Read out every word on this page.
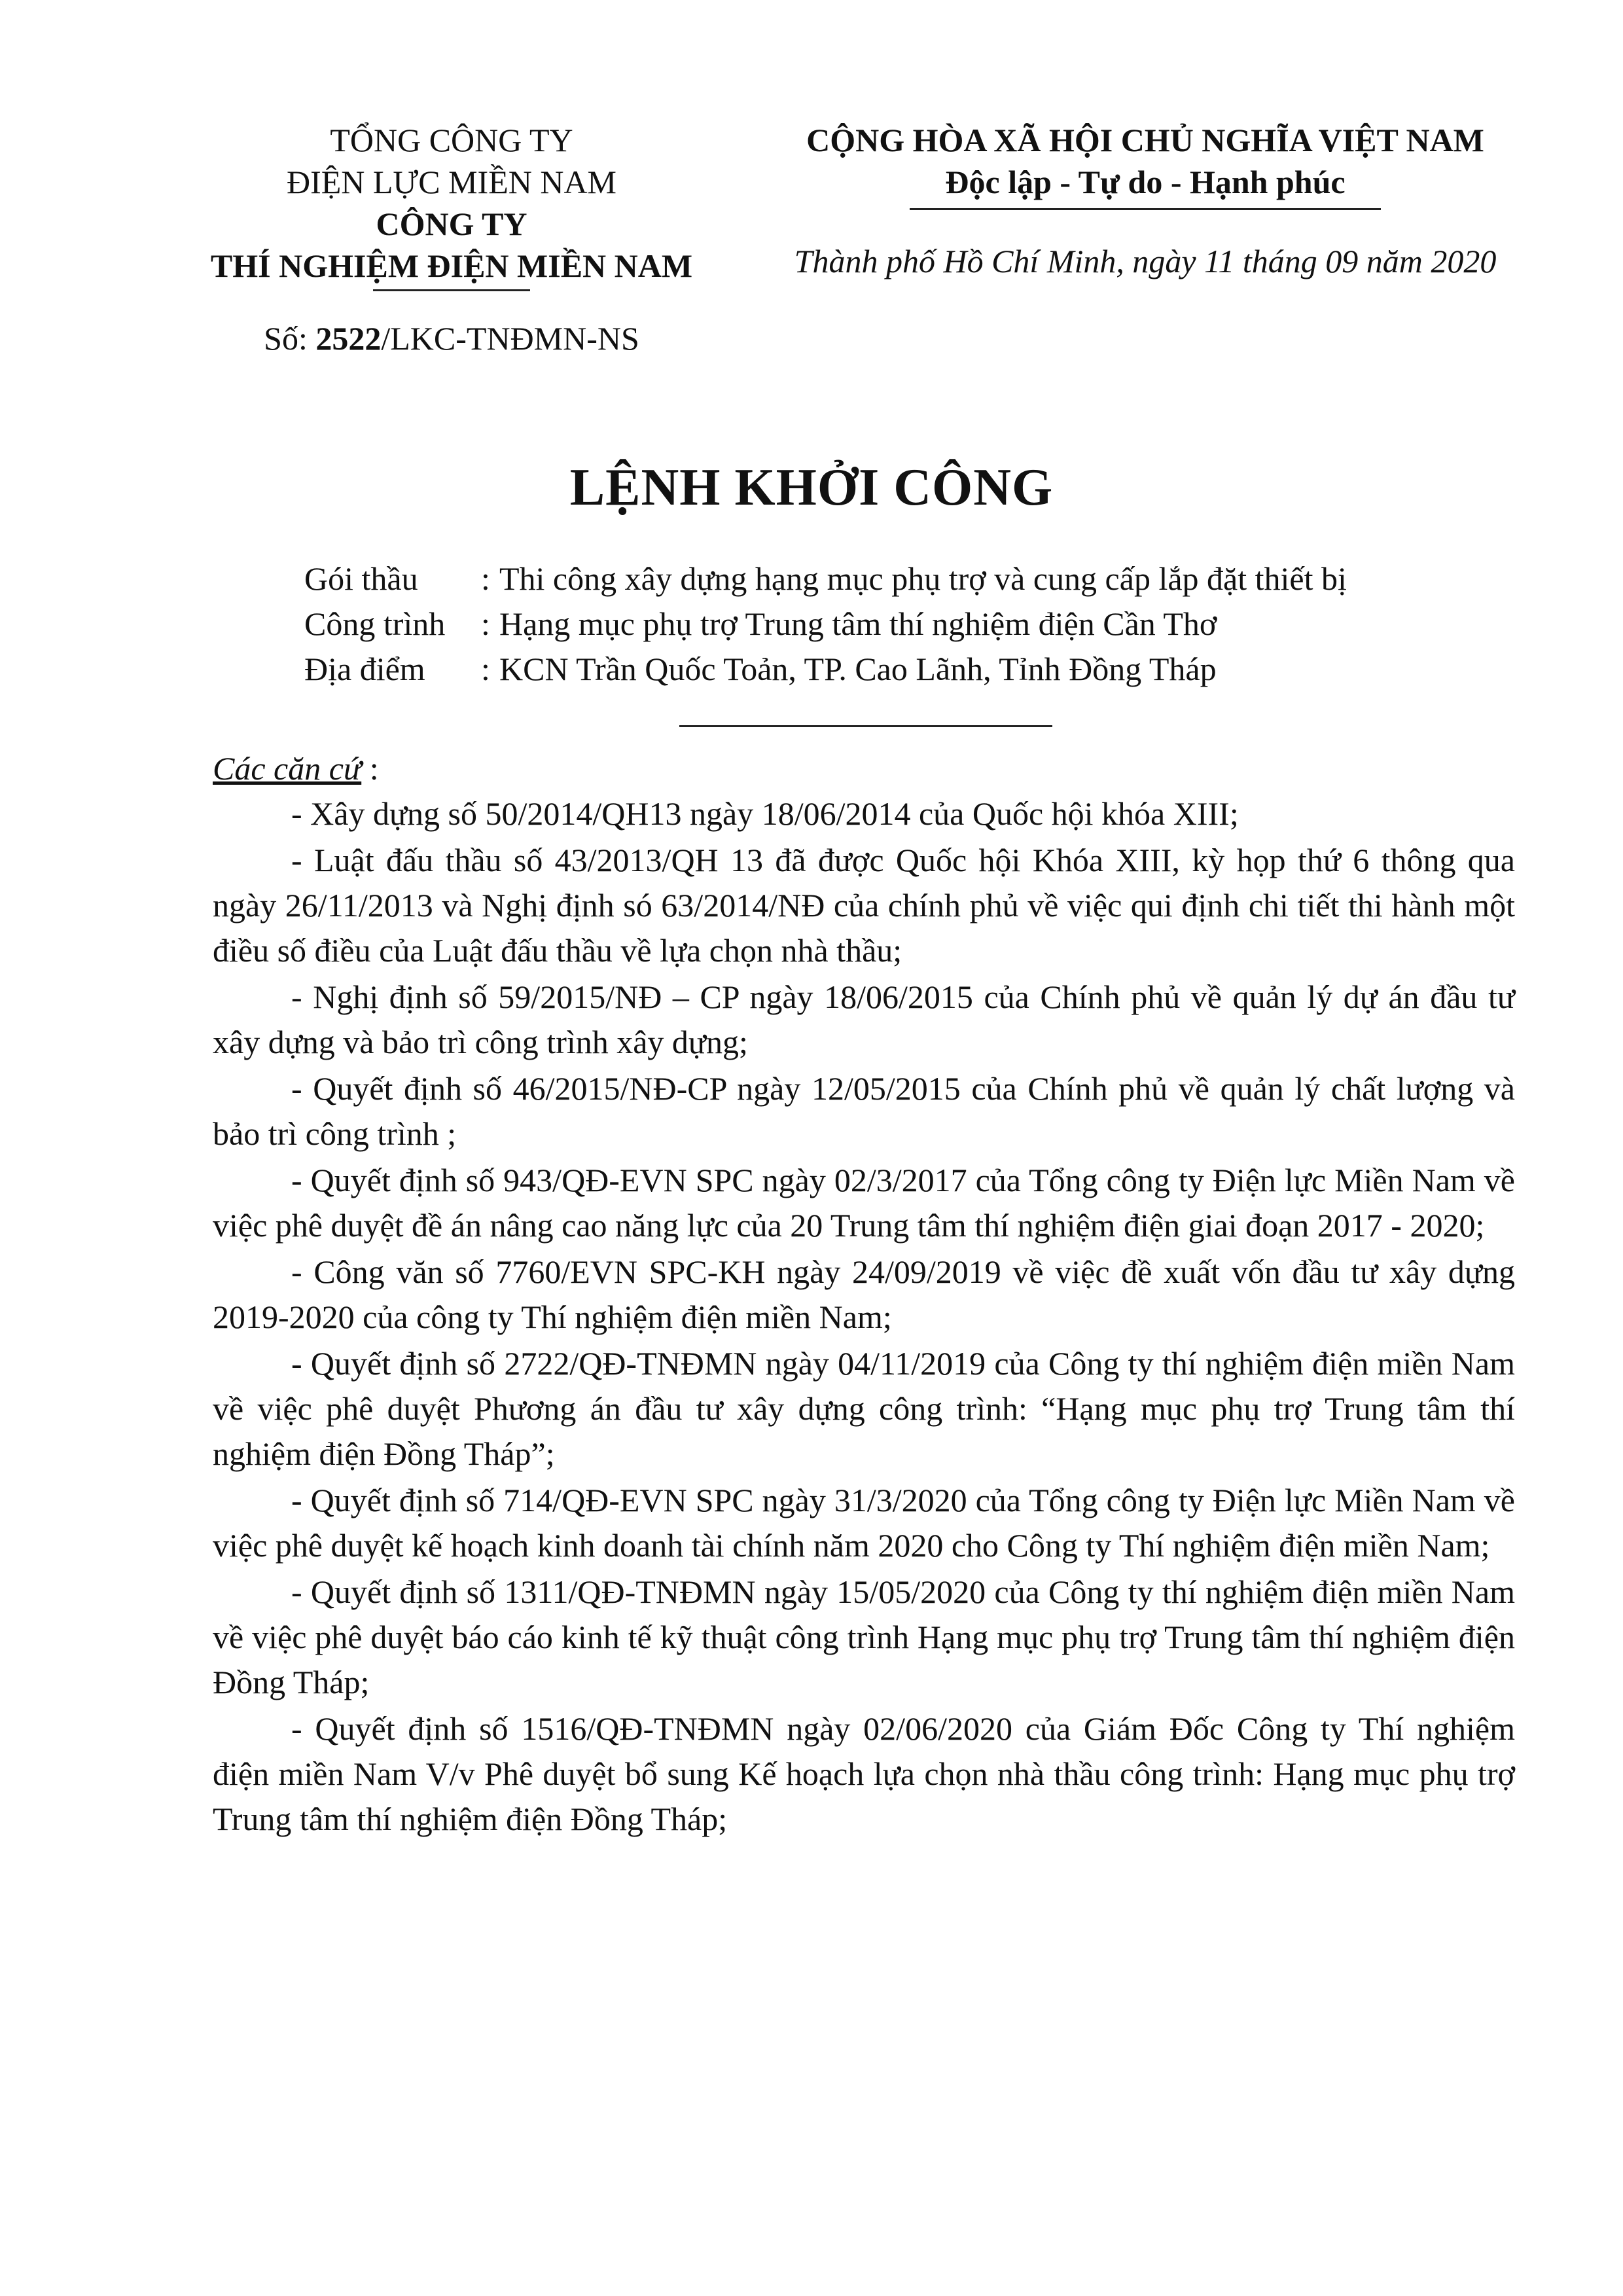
TỔNG CÔNG TY
ĐIỆN LỰC MIỀN NAM
CÔNG TY
THÍ NGHIỆM ĐIỆN MIỀN NAM
Số: 2522/LKC-TNĐMN-NS
CỘNG HÒA XÃ HỘI CHỦ NGHĨA VIỆT NAM
Độc lập - Tự do - Hạnh phúc
Thành phố Hồ Chí Minh, ngày 11 tháng 09 năm 2020
LỆNH KHỞI CÔNG
Gói thầu	: Thi công xây dựng hạng mục phụ trợ và cung cấp lắp đặt thiết bị
Công trình	: Hạng mục phụ trợ Trung tâm thí nghiệm điện Cần Thơ
Địa điểm	: KCN Trần Quốc Toản, TP. Cao Lãnh, Tỉnh Đồng Tháp
Các căn cứ :

- Xây dựng số 50/2014/QH13 ngày 18/06/2014 của Quốc hội khóa XIII;

- Luật đấu thầu số 43/2013/QH 13 đã được Quốc hội Khóa XIII, kỳ họp thứ 6 thông qua ngày 26/11/2013 và Nghị định só 63/2014/NĐ của chính phủ về việc qui định chi tiết thi hành một điều số điều của Luật đấu thầu về lựa chọn nhà thầu;

- Nghị định số 59/2015/NĐ – CP ngày 18/06/2015 của Chính phủ về quản lý dự án đầu tư xây dựng và bảo trì công trình xây dựng;

- Quyết định số 46/2015/NĐ-CP ngày 12/05/2015 của Chính phủ về quản lý chất lượng và bảo trì công trình ;

- Quyết định số 943/QĐ-EVN SPC ngày 02/3/2017 của Tổng công ty Điện lực Miền Nam về việc phê duyệt đề án nâng cao năng lực của 20 Trung tâm thí nghiệm điện giai đoạn 2017 - 2020;

- Công văn số 7760/EVN SPC-KH ngày 24/09/2019 về việc đề xuất vốn đầu tư xây dựng 2019-2020 của công ty Thí nghiệm điện miền Nam;

- Quyết định số 2722/QĐ-TNĐMN ngày 04/11/2019 của Công ty thí nghiệm điện miền Nam về việc phê duyệt Phương án đầu tư xây dựng công trình: “Hạng mục phụ trợ Trung tâm thí nghiệm điện Đồng Tháp”;

- Quyết định số 714/QĐ-EVN SPC ngày 31/3/2020 của Tổng công ty Điện lực Miền Nam về việc phê duyệt kế hoạch kinh doanh tài chính năm 2020 cho Công ty Thí nghiệm điện miền Nam;

- Quyết định số 1311/QĐ-TNĐMN ngày 15/05/2020 của Công ty thí nghiệm điện miền Nam về việc phê duyệt báo cáo kinh tế kỹ thuật công trình Hạng mục phụ trợ Trung tâm thí nghiệm điện Đồng Tháp;

- Quyết định số 1516/QĐ-TNĐMN ngày 02/06/2020 của Giám Đốc Công ty Thí nghiệm điện miền Nam V/v Phê duyệt bổ sung Kế hoạch lựa chọn nhà thầu công trình: Hạng mục phụ trợ Trung tâm thí nghiệm điện Đồng Tháp;
